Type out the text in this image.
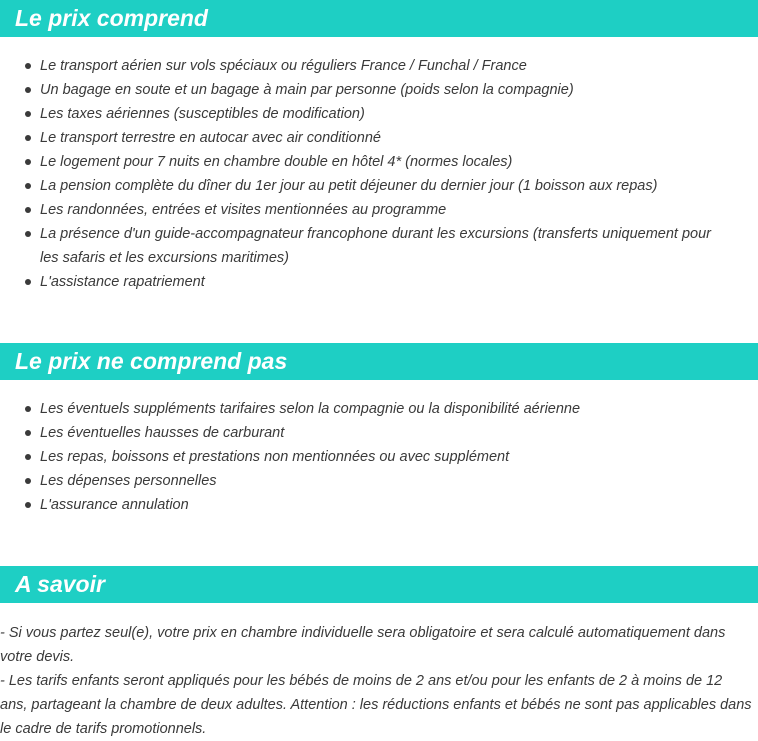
Le prix comprend
Le transport aérien sur vols spéciaux ou réguliers France / Funchal / France
Un bagage en soute et un bagage à main par personne (poids selon la compagnie)
Les taxes aériennes (susceptibles de modification)
Le transport terrestre en autocar avec air conditionné
Le logement pour 7 nuits en chambre double en hôtel 4* (normes locales)
La pension complète du dîner du 1er jour au petit déjeuner du dernier jour (1 boisson aux repas)
Les randonnées, entrées et visites mentionnées au programme
La présence d'un guide-accompagnateur francophone durant les excursions (transferts uniquement pour les safaris et les excursions maritimes)
L'assistance rapatriement
Le prix ne comprend pas
Les éventuels suppléments tarifaires selon la compagnie ou la disponibilité aérienne
Les éventuelles hausses de carburant
Les repas, boissons et prestations non mentionnées ou avec supplément
Les dépenses personnelles
L'assurance annulation
A savoir

- Si vous partez seul(e), votre prix en chambre individuelle sera obligatoire et sera calculé automatiquement dans votre devis.

- Les tarifs enfants seront appliqués pour les bébés de moins de 2 ans et/ou pour les enfants de 2 à moins de 12 ans, partageant la chambre de deux adultes. Attention : les réductions enfants et bébés ne sont pas applicables dans le cadre de tarifs promotionnels.
